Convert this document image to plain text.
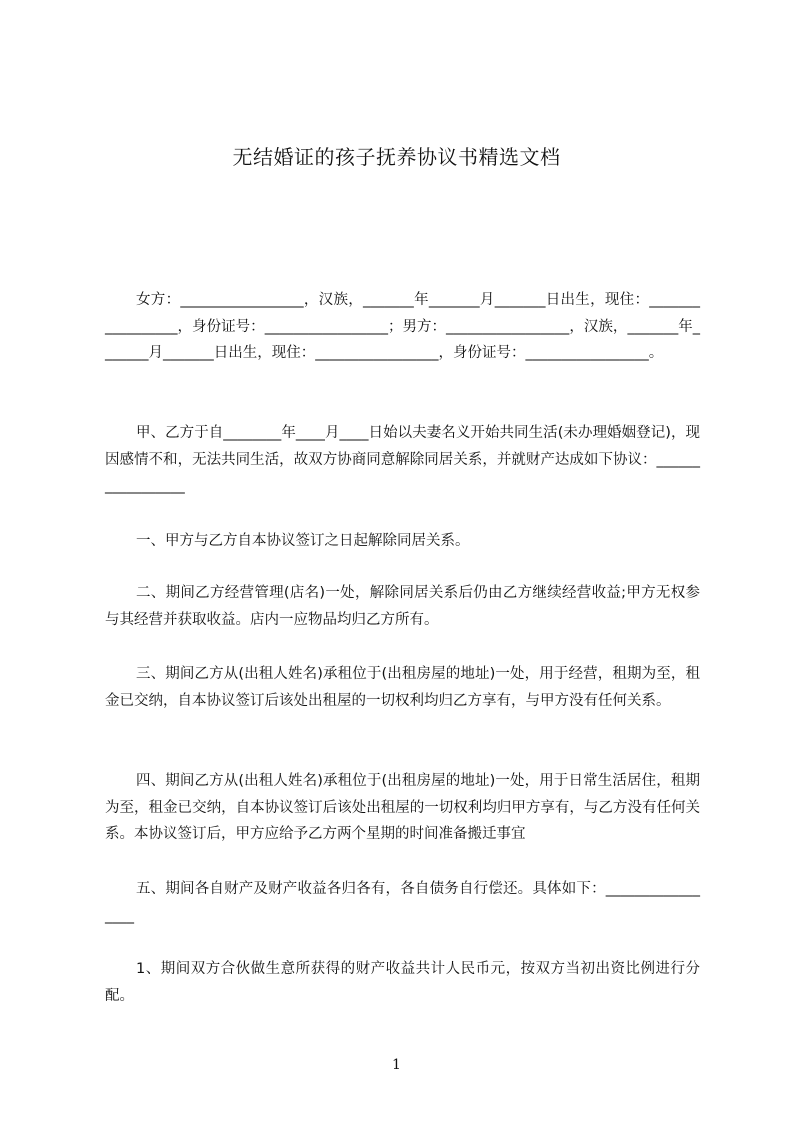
无结婚证的孩子抚养协议书精选文档

女方：_________________，汉族，_______年_______月_______日出生，现住：_________________，身份证号：_________________；男方：_________________，汉族，_______年_______月_______日出生，现住：_________________，身份证号：_________________。

甲、乙方于自________年____月____日始以夫妻名义开始共同生活(未办理婚姻登记)，现因感情不和，无法共同生活，故双方协商同意解除同居关系，并就财产达成如下协议：_________________

一、甲方与乙方自本协议签订之日起解除同居关系。

二、期间乙方经营管理(店名)一处，解除同居关系后仍由乙方继续经营收益;甲方无权参与其经营并获取收益。店内一应物品均归乙方所有。

三、期间乙方从(出租人姓名)承租位于(出租房屋的地址)一处，用于经营，租期为至，租金已交纳，自本协议签订后该处出租屋的一切权利均归乙方享有，与甲方没有任何关系。

四、期间乙方从(出租人姓名)承租位于(出租房屋的地址)一处，用于日常生活居住，租期为至，租金已交纳，自本协议签订后该处出租屋的一切权利均归甲方享有，与乙方没有任何关系。本协议签订后，甲方应给予乙方两个星期的时间准备搬迁事宜

五、期间各自财产及财产收益各归各有，各自债务自行偿还。具体如下：_________________

1、期间双方合伙做生意所获得的财产收益共计人民币元，按双方当初出资比例进行分配。

1
